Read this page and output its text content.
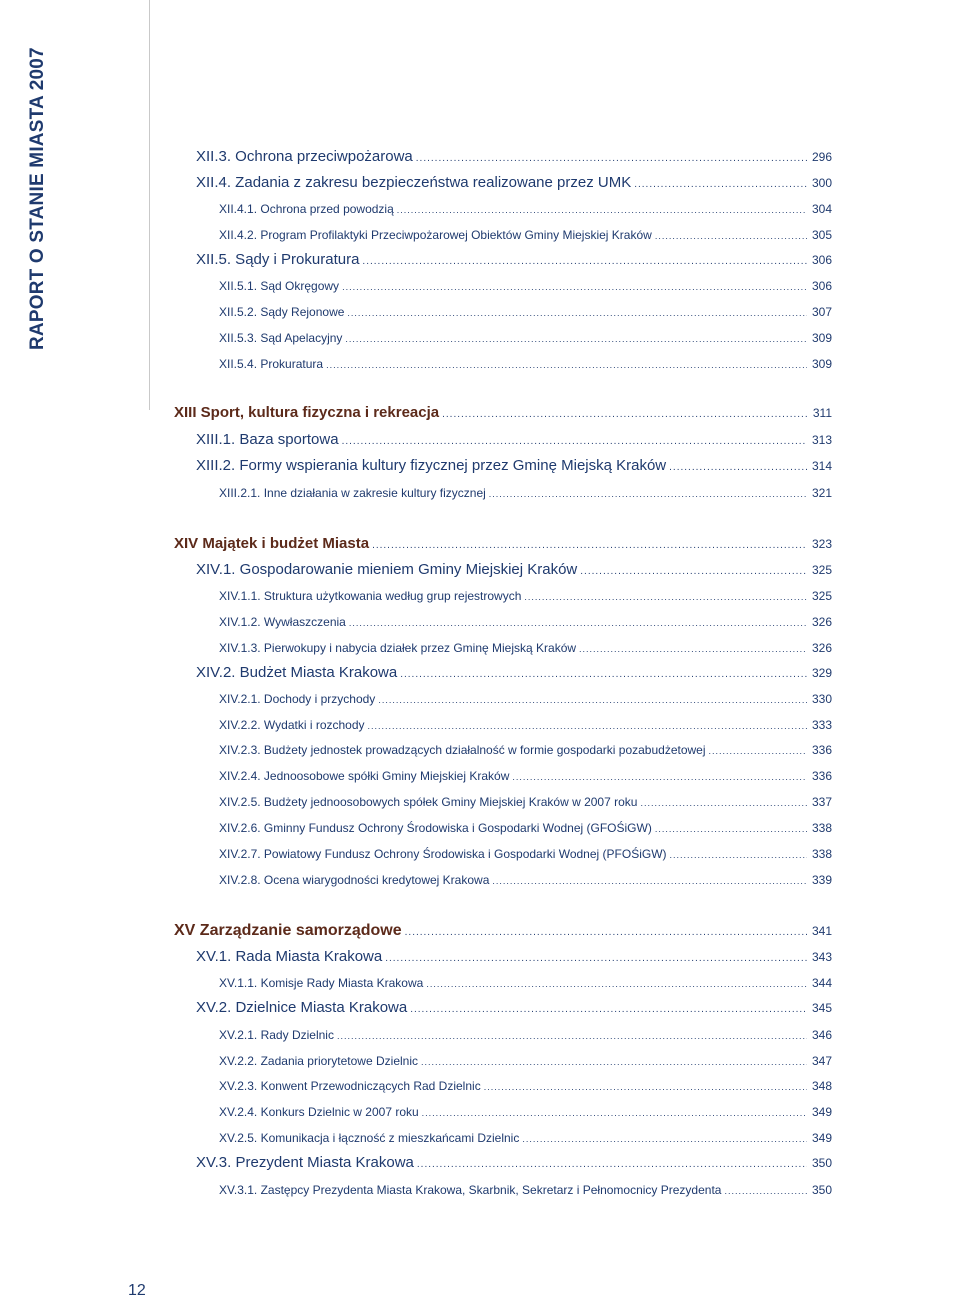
RAPORT O STANIE MIASTA 2007	XII.3. Ochrona przeciwpożarowa .....	296
XII.4. Zadania z zakresu bezpieczeństwa realizowane przez UMK .....	300
XII.4.1. Ochrona przed powodzią .....	304
XII.4.2. Program Profilaktyki Przeciwpożarowej Obiektów Gminy Miejskiej Kraków .....	305
XII.5. Sądy i Prokuratura .....	306
XII.5.1. Sąd Okręgowy .....	306
XII.5.2. Sądy Rejonowe .....	307
XII.5.3. Sąd Apelacyjny .....	309
XII.5.4. Prokuratura .....	309
XIII Sport, kultura fizyczna i rekreacja .....	311
XIII.1. Baza sportowa .....	313
XIII.2. Formy wspierania kultury fizycznej przez Gminę Miejską Kraków .....	314
XIII.2.1. Inne działania w zakresie kultury fizycznej .....	321
XIV Majątek i budżet Miasta .....	323
XIV.1. Gospodarowanie mieniem Gminy Miejskiej Kraków .....	325
XIV.1.1. Struktura użytkowania według grup rejestrowych .....	325
XIV.1.2. Wywłaszczenia .....	326
XIV.1.3. Pierwokupy i nabycia działek przez Gminę Miejską Kraków .....	326
XIV.2. Budżet Miasta Krakowa .....	329
XIV.2.1. Dochody i przychody .....	330
XIV.2.2. Wydatki i rozchody .....	333
XIV.2.3. Budżety jednostek prowadzących działalność w formie gospodarki pozabudżetowej .....	336
XIV.2.4. Jednoosobowe spółki Gminy Miejskiej Kraków .....	336
XIV.2.5. Budżety jednoosobowych spółek Gminy Miejskiej Kraków w 2007 roku .....	337
XIV.2.6. Gminny Fundusz Ochrony Środowiska i Gospodarki Wodnej (GFOŚiGW) .....	338
XIV.2.7. Powiatowy Fundusz Ochrony Środowiska i Gospodarki Wodnej (PFOŚiGW) .....	338
XIV.2.8. Ocena wiarygodności kredytowej Krakowa .....	339
XV Zarządzanie samorządowe .....	341
XV.1. Rada Miasta Krakowa .....	343
XV.1.1. Komisje Rady Miasta Krakowa .....	344
XV.2. Dzielnice Miasta Krakowa .....	345
XV.2.1. Rady Dzielnic .....	346
XV.2.2. Zadania priorytetowe Dzielnic .....	347
XV.2.3. Konwent Przewodniczących Rad Dzielnic .....	348
XV.2.4. Konkurs Dzielnic w 2007 roku .....	349
XV.2.5. Komunikacja i łączność z mieszkańcami Dzielnic .....	349
XV.3. Prezydent Miasta Krakowa .....	350
XV.3.1. Zastępcy Prezydenta Miasta Krakowa, Skarbnik, Sekretarz i Pełnomocnicy Prezydenta .....	350
12
